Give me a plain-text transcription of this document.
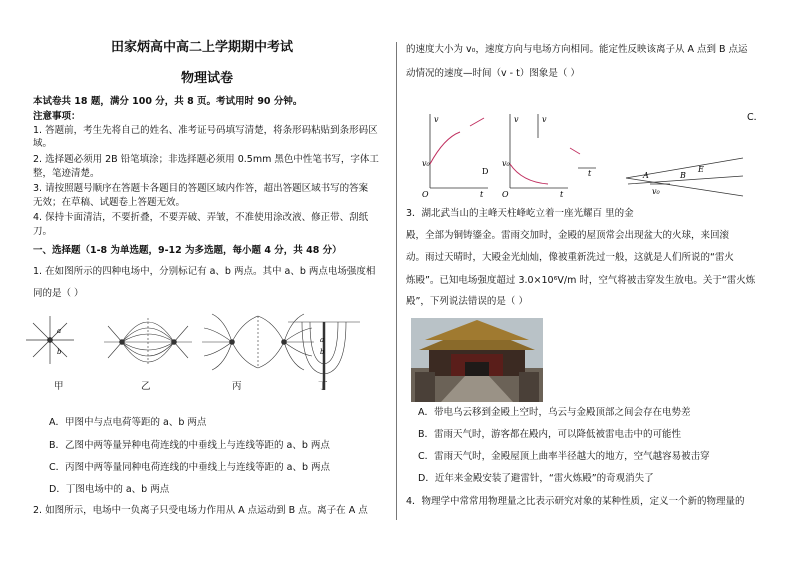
田家炳高中高二上学期期中考试
物理试卷
本试卷共 18 题，满分 100 分，共 8 页。考试用时 90 分钟。
注意事项：
1. 答题前，考生先将自己的姓名、准考证号码填写清楚，将条形码粘贴到条形码区
域。
2. 选择题必须用 2B 铅笔填涂；非选择题必须用 0.5mm 黑色中性笔书写，字体工
整，笔迹清楚。
3. 请按照题号顺序在答题卡各题目的答题区域内作答，超出答题区域书写的答案
无效；在草稿、试题卷上答题无效。
4. 保持卡面清洁，不要折叠，不要弄破、弄皱，不准使用涂改液、修正带、刮纸
刀。
一、选择题（1-8 为单选题，9-12 为多选题，每小题 4 分，共 48 分）
1. 在如图所示的四种电场中，分别标记有 a、b 两点。其中 a、b 两点电场强度相
同的是（ ）
a
b
a
b
甲	乙	丙	丁
A．甲图中与点电荷等距的 a、b 两点
B．乙图中两等量异种电荷连线的中垂线上与连线等距的 a、b 两点
C．丙图中两等量同种电荷连线的中垂线上与连线等距的 a、b 两点
D．丁图电场中的 a、b 两点
2. 如图所示，电场中一负离子只受电场力作用从 A 点运动到 B 点。离子在 A 点
的速度大小为 v₀，速度方向与电场方向相同。能定性反映该离子从 A 点到 B 点运
动情况的速度—时间（v - t）图象是（ ）
v₀
O	t
v
D
v₀
O	t
v	v
t	A	B
E
v₀
C．
3．湖北武当山的主峰天柱峰屹立着一座光耀百 里的金
殿，全部为铜铸鎏金。雷雨交加时，金殿的屋顶常会出现盆大的火球，来回滚
动。雨过天晴时，大殿金光灿灿，像被重新洗过一般，这就是人们所说的“雷火
炼殿”。已知电场强度超过 3.0×10⁶V/m 时，空气将被击穿发生放电。关于“雷火炼
殿”，下列说法错误的是（ ）
A．带电乌云移到金殿上空时，乌云与金殿顶部之间会存在电势差
B．雷雨天气时，游客都在殿内，可以降低被雷电击中的可能性
C．雷雨天气时，金殿屋顶上曲率半径越大的地方，空气越容易被击穿
D．近年来金殿安装了避雷针，“雷火炼殿”的奇观消失了
4．物理学中常常用物理量之比表示研究对象的某种性质，定义一个新的物理量的
